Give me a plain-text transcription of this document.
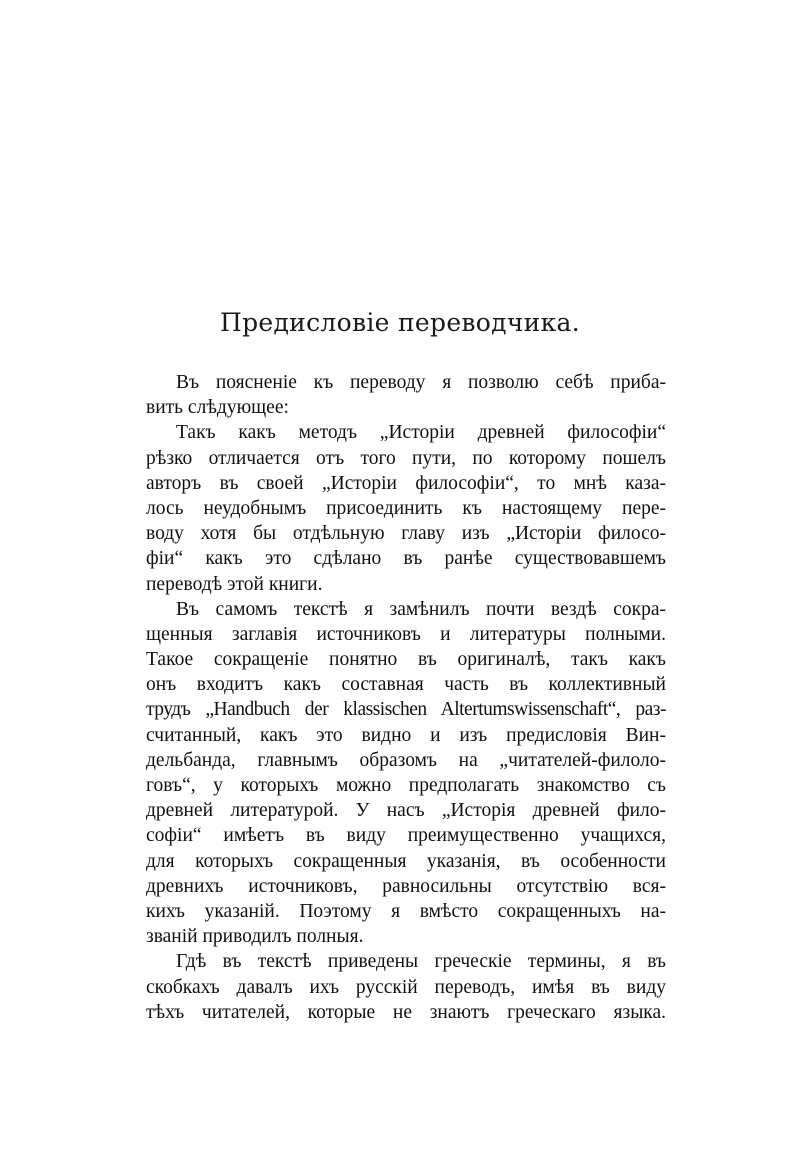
Предисловіе переводчика.
Въ поясненіе къ переводу я позволю себѣ приба-
вить слѣдующее:
Такъ какъ методъ „Исторіи древней философіи“
рѣзко отличается отъ того пути, по которому пошелъ
авторъ въ своей „Исторіи философіи“, то мнѣ каза-
лось неудобнымъ присоединить къ настоящему пере-
воду хотя бы отдѣльную главу изъ „Исторіи филосо-
фіи“ какъ это сдѣлано въ ранѣе существовавшемъ
переводѣ этой книги.
Въ самомъ текстѣ я замѣнилъ почти вездѣ сокра-
щенныя заглавія источниковъ и литературы полными.
Такое сокращеніе понятно въ оригиналѣ, такъ какъ
онъ входитъ какъ составная часть въ коллективный
трудъ „Handbuch der klassischen Altertumswissenschaft“, раз-
считанный, какъ это видно и изъ предисловія Вин-
дельбанда, главнымъ образомъ на „читателей-филоло-
говъ“, у которыхъ можно предполагать знакомство съ
древней литературой. У насъ „Исторія древней фило-
софіи“ имѣетъ въ виду преимущественно учащихся,
для которыхъ сокращенныя указанія, въ особенности
древнихъ источниковъ, равносильны отсутствію вся-
кихъ указаній. Поэтому я вмѣсто сокращенныхъ на-
званій приводилъ полныя.
Гдѣ въ текстѣ приведены греческіе термины, я въ
скобкахъ давалъ ихъ русскій переводъ, имѣя въ виду
тѣхъ читателей, которые не знаютъ греческаго языка.
